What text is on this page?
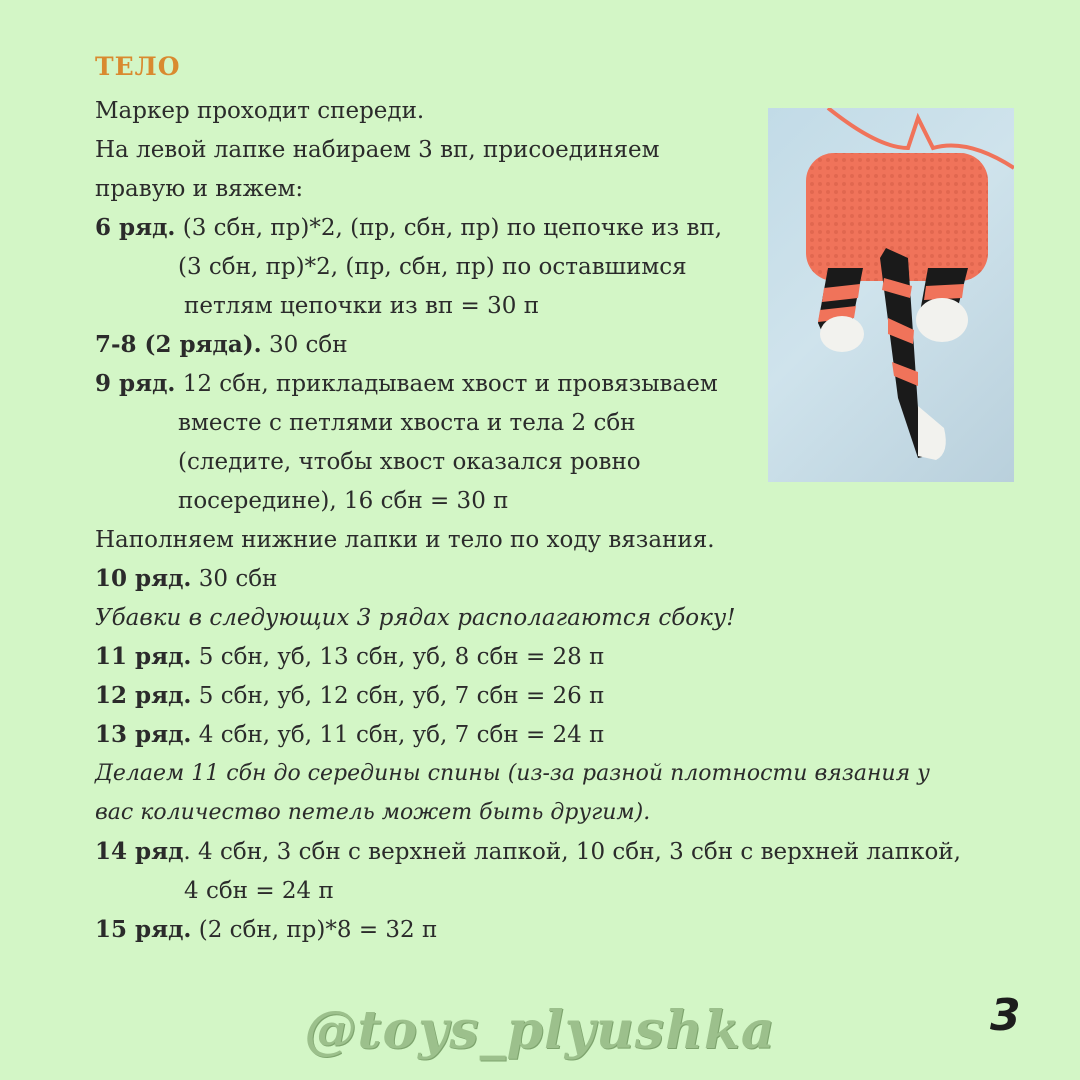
ТЕЛО
Маркер проходит спереди.
На левой лапке набираем 3 вп, присоединяем
правую и вяжем:
6 ряд. (3 сбн, пр)*2, (пр, сбн, пр) по цепочке из вп,
(3 сбн, пр)*2, (пр, сбн, пр) по оставшимся
петлям цепочки из вп = 30 п
7-8 (2 ряда). 30 сбн
9 ряд. 12 сбн, прикладываем хвост и провязываем
вместе с петлями хвоста и тела 2 сбн
(следите, чтобы хвост оказался ровно
посередине), 16 сбн = 30 п
Наполняем нижние лапки и тело по ходу вязания.
10 ряд. 30 сбн
Убавки в следующих 3 рядах располагаются сбоку!
11 ряд. 5 сбн, уб, 13 сбн, уб, 8 сбн = 28 п
12 ряд. 5 сбн, уб, 12 сбн, уб, 7 сбн = 26 п
13 ряд. 4 сбн, уб, 11 сбн, уб, 7 сбн = 24 п
Делаем 11 сбн до середины спины (из-за разной плотности вязания у
вас количество петель может быть другим).
14 ряд. 4 сбн, 3 сбн с верхней лапкой, 10 сбн, 3 сбн с верхней лапкой,
4 сбн = 24 п
15 ряд. (2 сбн, пр)*8 = 32 п
@toys_plyushka	3
